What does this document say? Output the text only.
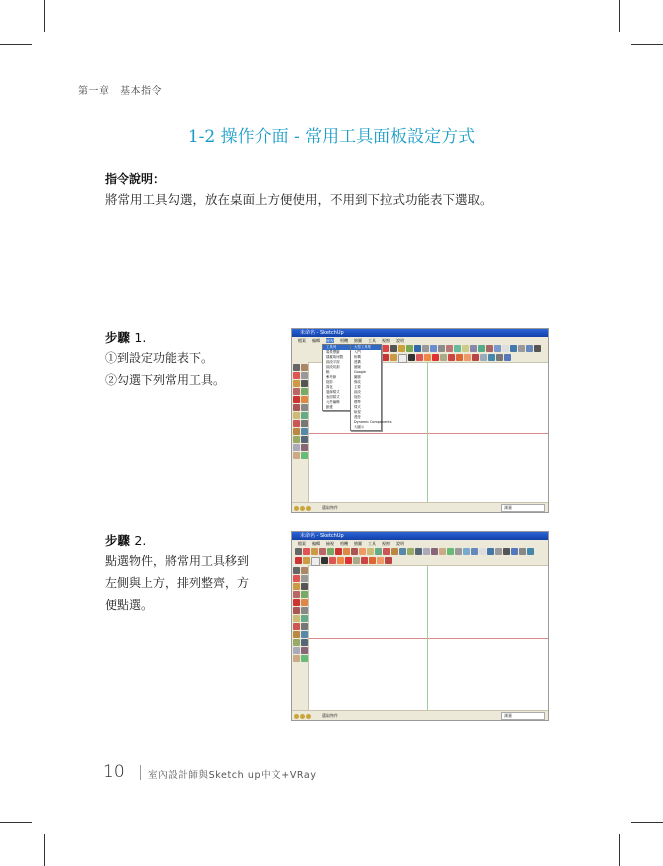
第一章　基本指令
1-2 操作介面 - 常用工具面板設定方式
指令說明：
將常用工具勾選，放在桌面上方便使用，不用到下拉式功能表下選取。
步驟 1.
①到設定功能表下。
②勾選下列常用工具。
未命名 - SketchUp
檔案 編輯 檢視 相機 繪圖 工具 視窗 說明
工具列
場景標籤
隱藏幾何體
區段平面
區段切割
軸
參考線
陰影
霧化
邊線樣式
表面樣式
元件編輯
動畫
大型工具集
入門
相機
建構
繪圖
Google
圖層
修改
主要
區段
陰影
標準
樣式
檢視
漫遊
Dynamic Components
大圖示
選取物件	測量
步驟 2.
點選物件，將常用工具移到
左側與上方，排列整齊，方
便點選。
未命名 - SketchUp
檔案 編輯 檢視 相機 繪圖 工具 視窗 說明
選取物件	測量
10 室內設計師與Sketch up中文+VRay
